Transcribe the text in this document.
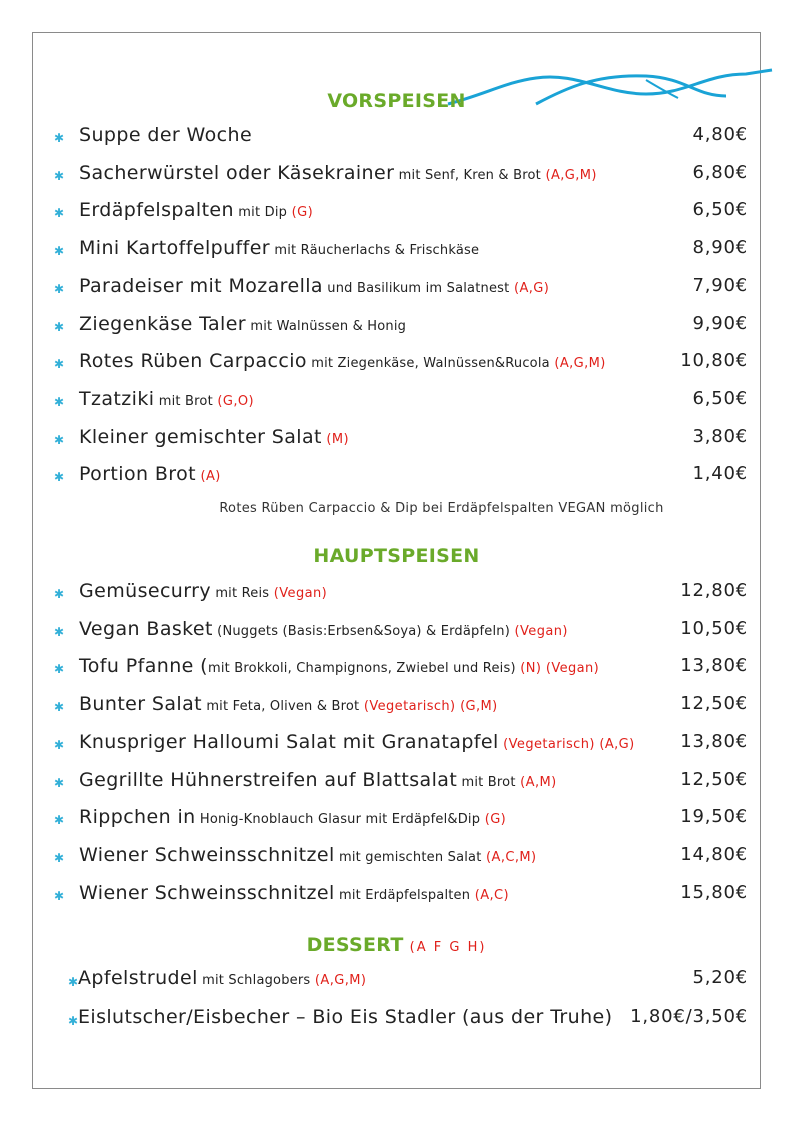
VORSPEISEN
✱ Suppe der Woche	4,80€
✱ Sacherwürstel oder Käsekrainer mit Senf, Kren & Brot (A,G,M)	6,80€
✱ Erdäpfelspalten mit Dip (G)	6,50€
✱ Mini Kartoffelpuffer mit Räucherlachs & Frischkäse	8,90€
✱ Paradeiser mit Mozarella und Basilikum im Salatnest (A,G)	7,90€
✱ Ziegenkäse Taler mit Walnüssen & Honig	9,90€
✱ Rotes Rüben Carpaccio mit Ziegenkäse, Walnüssen&Rucola (A,G,M)	10,80€
✱ Tzatziki mit Brot (G,O)	6,50€
✱ Kleiner gemischter Salat (M)	3,80€
✱ Portion Brot (A)	1,40€
Rotes Rüben Carpaccio & Dip bei Erdäpfelspalten VEGAN möglich
HAUPTSPEISEN
✱ Gemüsecurry mit Reis (Vegan)	12,80€
✱ Vegan Basket (Nuggets (Basis:Erbsen&Soya) & Erdäpfeln) (Vegan)	10,50€
✱ Tofu Pfanne (mit Brokkoli, Champignons, Zwiebel und Reis) (N) (Vegan)	13,80€
✱ Bunter Salat mit Feta, Oliven & Brot (Vegetarisch) (G,M)	12,50€
✱ Knuspriger Halloumi Salat mit Granatapfel (Vegetarisch) (A,G)	13,80€
✱ Gegrillte Hühnerstreifen auf Blattsalat mit Brot (A,M)	12,50€
✱ Rippchen in Honig-Knoblauch Glasur mit Erdäpfel&Dip (G)	19,50€
✱ Wiener Schweinsschnitzel mit gemischten Salat (A,C,M)	14,80€
✱ Wiener Schweinsschnitzel mit Erdäpfelspalten (A,C)	15,80€
DESSERT (A F G H)
✱ Apfelstrudel mit Schlagobers (A,G,M)	5,20€
✱ Eislutscher/Eisbecher – Bio Eis Stadler (aus der Truhe) 1,80€/3,50€
